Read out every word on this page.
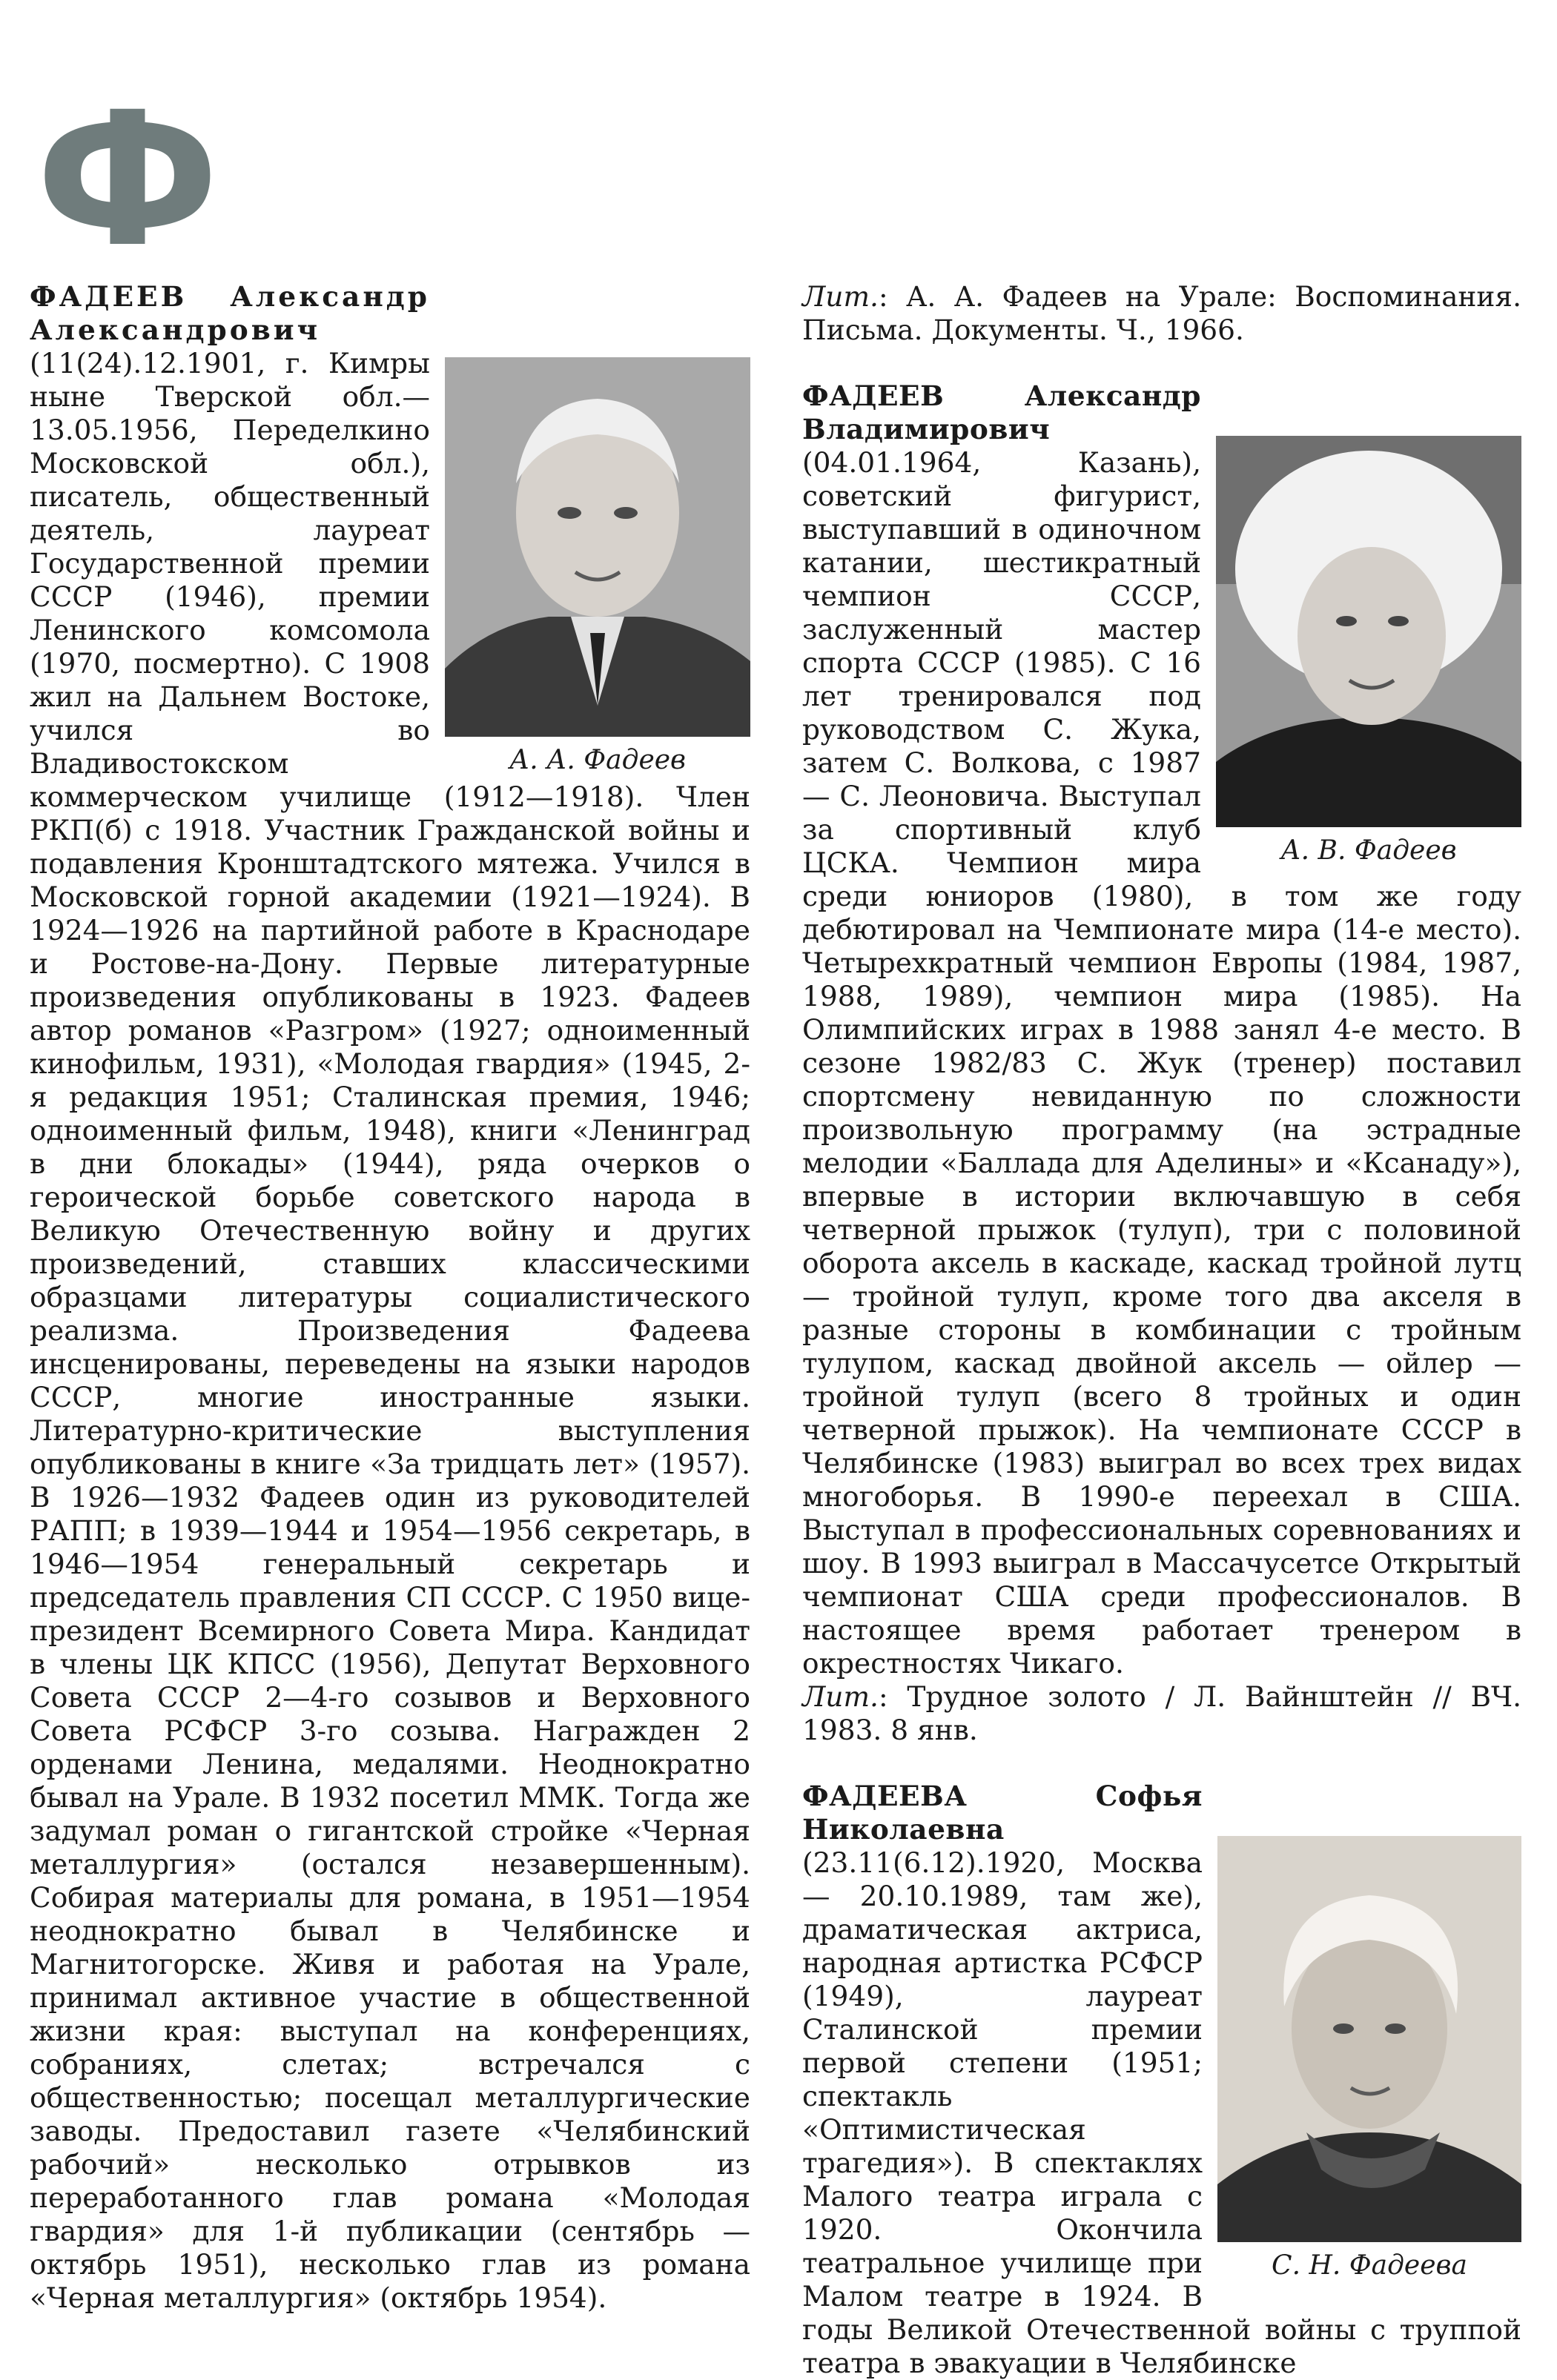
Ф
А. А. Фадеев

ФАДЕЕВ Александр Александрович (11(24).12.1901, г. Кимры ныне Тверской обл.— 13.05.1956, Переделкино Московской обл.), писатель, общественный деятель, лауреат Государственной премии СССР (1946), премии Ленинского комсомола (1970, посмертно). С 1908 жил на Дальнем Востоке, учился во Владивостокском коммерческом училище (1912—1918). Член РКП(б) с 1918. Участник Гражданской войны и подавления Кронштадтского мятежа. Учился в Московской горной академии (1921—1924). В 1924—1926 на партийной работе в Краснодаре и Ростове-на-Дону. Первые литературные произведения опубликованы в 1923. Фадеев автор романов «Разгром» (1927; одноименный кинофильм, 1931), «Молодая гвардия» (1945, 2-я редакция 1951; Сталинская премия, 1946; одноименный фильм, 1948), книги «Ленинград в дни блокады» (1944), ряда очерков о героической борьбе советского народа в Великую Отечественную войну и других произведений, ставших классическими образцами литературы социалистического реализма. Произведения Фадеева инсценированы, переведены на языки народов СССР, многие иностранные языки. Литературно-критические выступления опубликованы в книге «За тридцать лет» (1957). В 1926—1932 Фадеев один из руководителей РАПП; в 1939—1944 и 1954—1956 секретарь, в 1946—1954 генеральный секретарь и председатель правления СП СССР. С 1950 вице-президент Всемирного Совета Мира. Кандидат в члены ЦК КПСС (1956), Депутат Верховного Совета СССР 2—4-го созывов и Верховного Совета РСФСР 3-го созыва. Награжден 2 орденами Ленина, медалями. Неоднократно бывал на Урале. В 1932 посетил ММК. Тогда же задумал роман о гигантской стройке «Черная металлургия» (остался незавершенным). Собирая материалы для романа, в 1951—1954 неоднократно бывал в Челябинске и Магнитогорске. Живя и работая на Урале, принимал активное участие в общественной жизни края: выступал на конференциях, собраниях, слетах; встречался с общественностью; посещал металлургические заводы. Предоставил газете «Челябинский рабочий» несколько отрывков из переработанного глав романа «Молодая гвардия» для 1-й публикации (сентябрь — октябрь 1951), несколько глав из романа «Черная металлургия» (октябрь 1954).

Лит.: А. А. Фадеев на Урале: Воспоминания. Письма. Документы. Ч., 1966.

А. В. Фадеев

ФАДЕЕВ Александр Владимирович (04.01.1964, Казань), советский фигурист, выступавший в одиночном катании, шестикратный чемпион СССР, заслуженный мастер спорта СССР (1985). С 16 лет тренировался под руководством С. Жука, затем С. Волкова, с 1987 — С. Леоновича. Выступал за спортивный клуб ЦСКА. Чемпион мира среди юниоров (1980), в том же году дебютировал на Чемпионате мира (14-е место). Четырехкратный чемпион Европы (1984, 1987, 1988, 1989), чемпион мира (1985). На Олимпийских играх в 1988 занял 4-е место. В сезоне 1982/83 С. Жук (тренер) поставил спортсмену невиданную по сложности произвольную программу (на эстрадные мелодии «Баллада для Аделины» и «Ксанаду»), впервые в истории включавшую в себя четверной прыжок (тулуп), три с половиной оборота аксель в каскаде, каскад тройной лутц — тройной тулуп, кроме того два акселя в разные стороны в комбинации с тройным тулупом, каскад двойной аксель — ойлер — тройной тулуп (всего 8 тройных и один четверной прыжок). На чемпионате СССР в Челябинске (1983) выиграл во всех трех видах многоборья. В 1990-е переехал в США. Выступал в профессиональных соревнованиях и шоу. В 1993 выиграл в Массачусетсе Открытый чемпионат США среди профессионалов. В настоящее время работает тренером в окрестностях Чикаго.

Лит.: Трудное золото / Л. Вайнштейн // ВЧ. 1983. 8 янв.

С. Н. Фадеева

ФАДЕЕВА Софья Николаевна (23.11(6.12).1920, Москва — 20.10.1989, там же), драматическая актриса, народная артистка РСФСР (1949), лауреат Сталинской премии первой степени (1951; спектакль «Оптимистическая трагедия»). В спектаклях Малого театра играла с 1920. Окончила театральное училище при Малом театре в 1924. В годы Великой Отечественной войны с труппой театра в эвакуации в Челябинске
